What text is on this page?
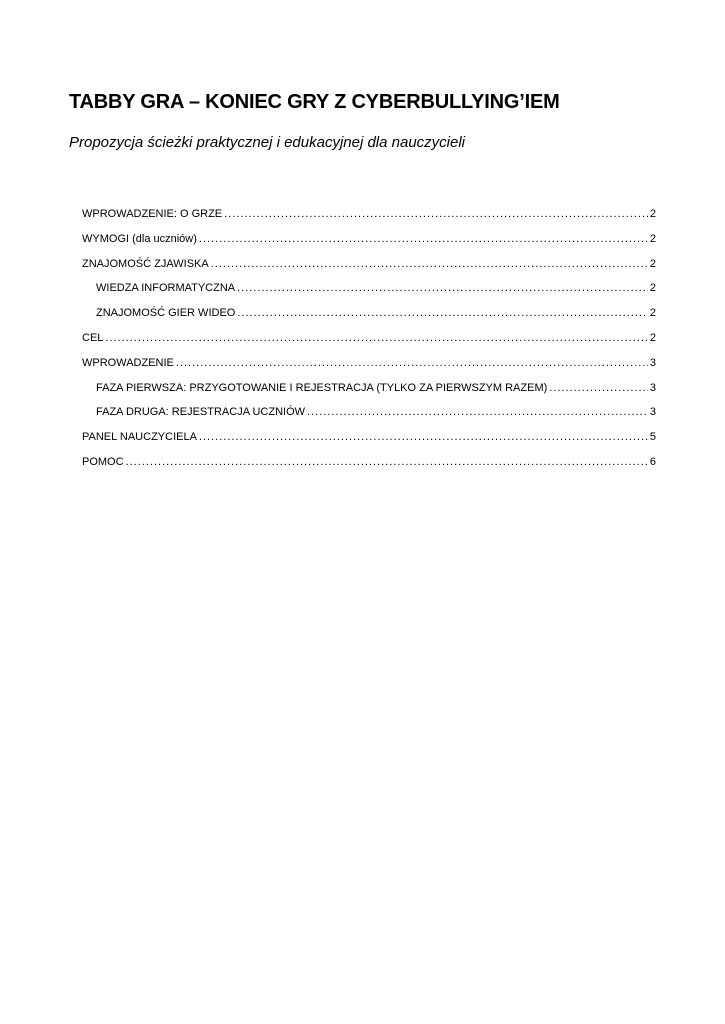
TABBY GRA – KONIEC GRY Z CYBERBULLYING’IEM

Propozycja ścieżki praktycznej i edukacyjnej dla nauczycieli

WPROWADZENIE: O GRZE .....	2
WYMOGI (dla uczniów) .....	2
ZNAJOMOŚĆ ZJAWISKA .....	2
WIEDZA INFORMATYCZNA .....	2
ZNAJOMOŚĆ GIER WIDEO .....	2
CEL .....	2
WPROWADZENIE .....	3
FAZA PIERWSZA: PRZYGOTOWANIE I REJESTRACJA (TYLKO ZA PIERWSZYM RAZEM) .....	3
FAZA DRUGA: REJESTRACJA UCZNIÓW .....	3
PANEL NAUCZYCIELA .....	5
POMOC .....	6
